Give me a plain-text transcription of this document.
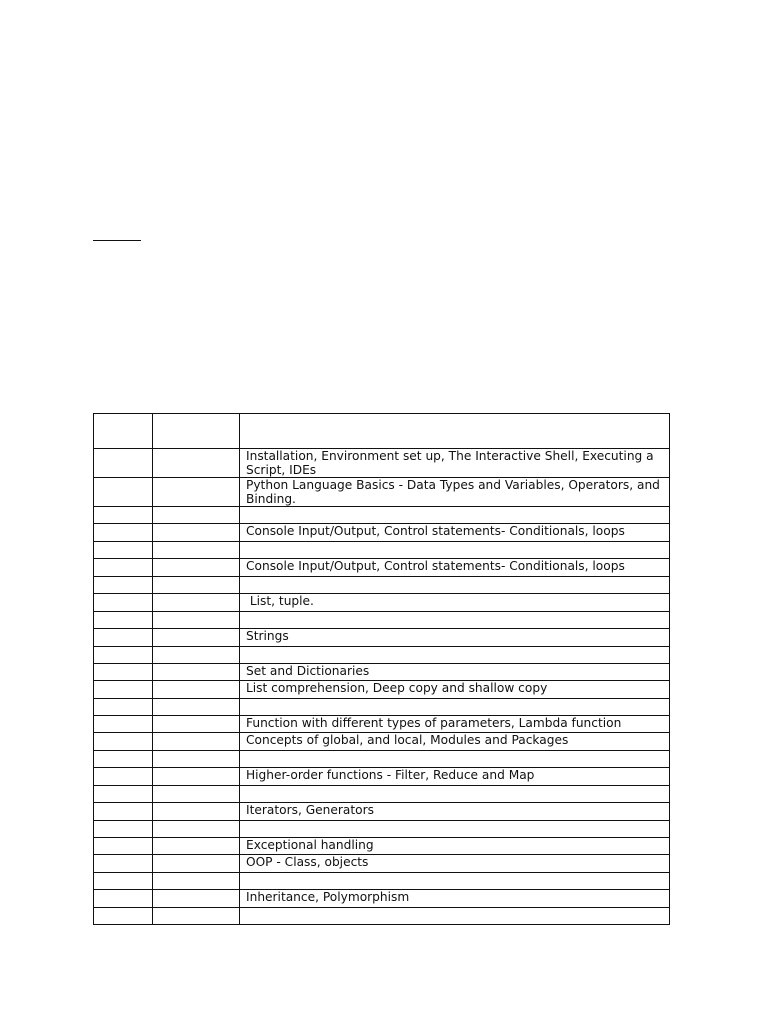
		Installation, Environment set up, The Interactive Shell, Executing a Script, IDEs
		Python Language Basics - Data Types and Variables, Operators, and Binding.

		Console Input/Output, Control statements- Conditionals, loops

		Console Input/Output, Control statements- Conditionals, loops

		List, tuple.

		Strings

		Set and Dictionaries
		List comprehension, Deep copy and shallow copy

		Function with different types of parameters, Lambda function
		Concepts of global, and local, Modules and Packages

		Higher-order functions - Filter, Reduce and Map

		Iterators, Generators

		Exceptional handling
		OOP - Class, objects

		Inheritance, Polymorphism
